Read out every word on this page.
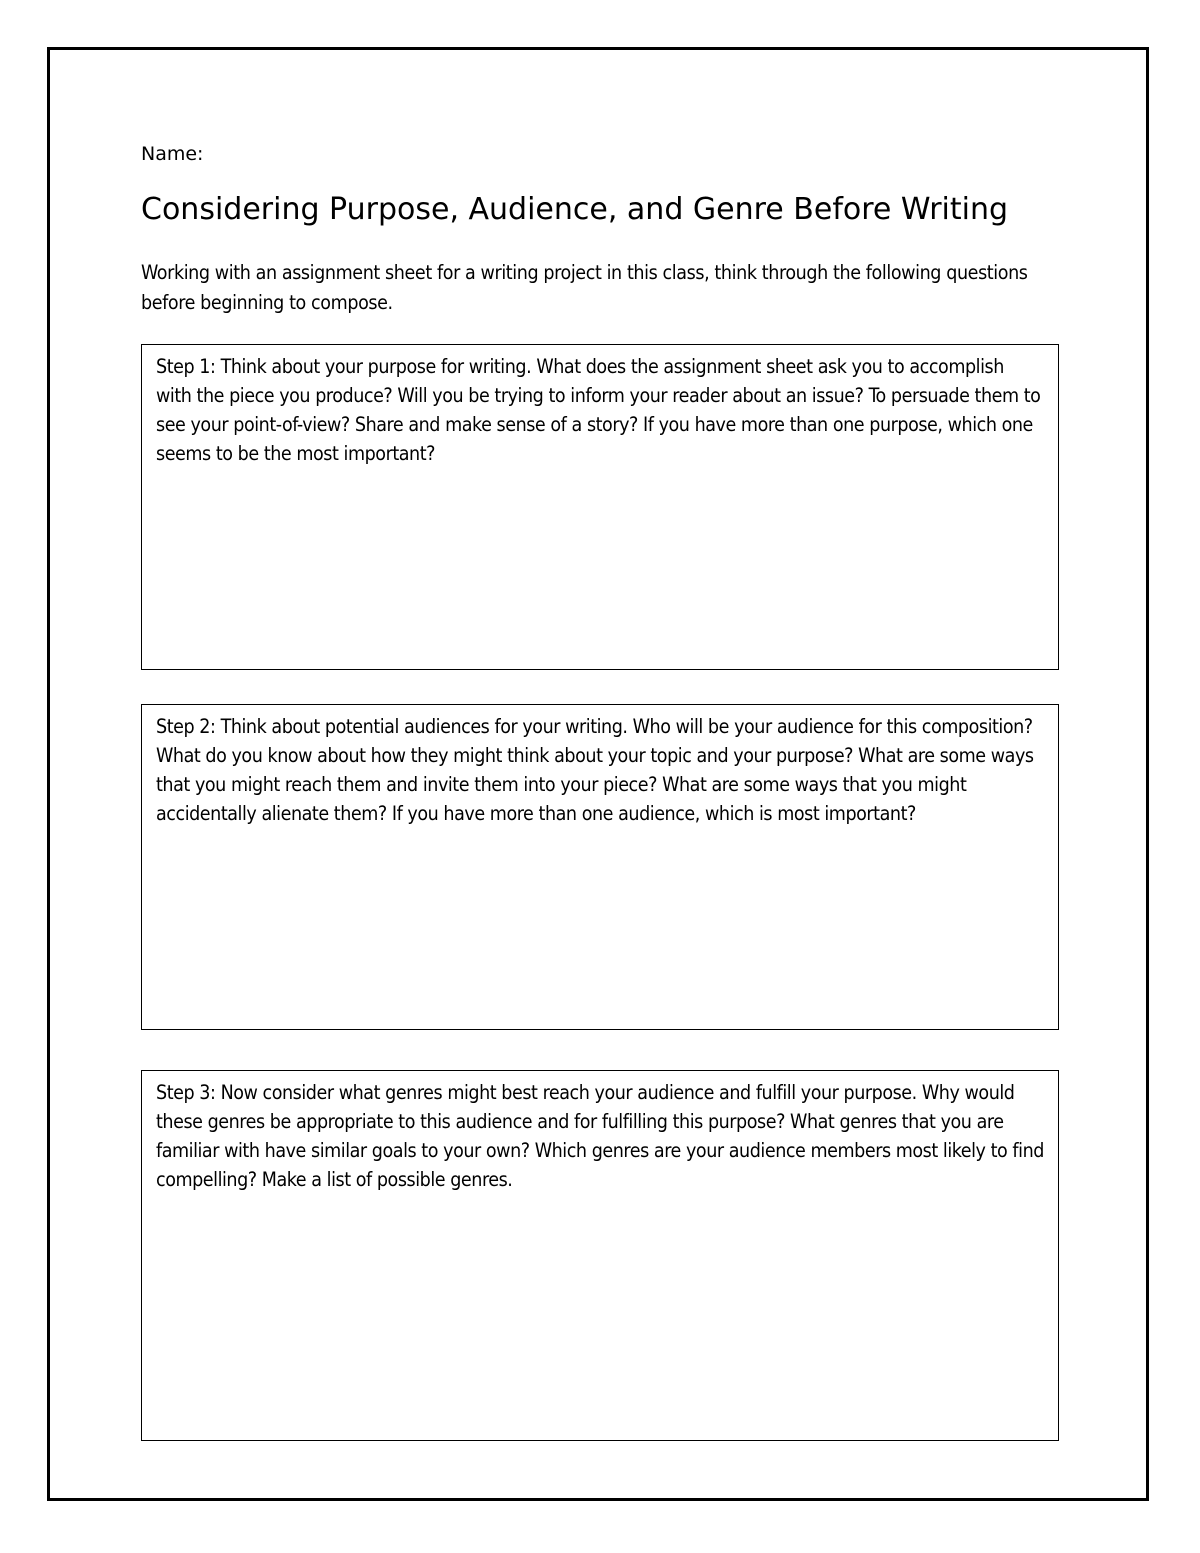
Name:
Considering Purpose, Audience, and Genre Before Writing

Working with an assignment sheet for a writing project in this class, think through the following questions before beginning to compose.

Step 1: Think about your purpose for writing. What does the assignment sheet ask you to accomplish with the piece you produce? Will you be trying to inform your reader about an issue? To persuade them to see your point-of-view? Share and make sense of a story? If you have more than one purpose, which one seems to be the most important?

Step 2: Think about potential audiences for your writing. Who will be your audience for this composition? What do you know about how they might think about your topic and your purpose? What are some ways that you might reach them and invite them into your piece? What are some ways that you might accidentally alienate them? If you have more than one audience, which is most important?

Step 3: Now consider what genres might best reach your audience and fulfill your purpose. Why would these genres be appropriate to this audience and for fulfilling this purpose? What genres that you are familiar with have similar goals to your own? Which genres are your audience members most likely to find compelling? Make a list of possible genres.
